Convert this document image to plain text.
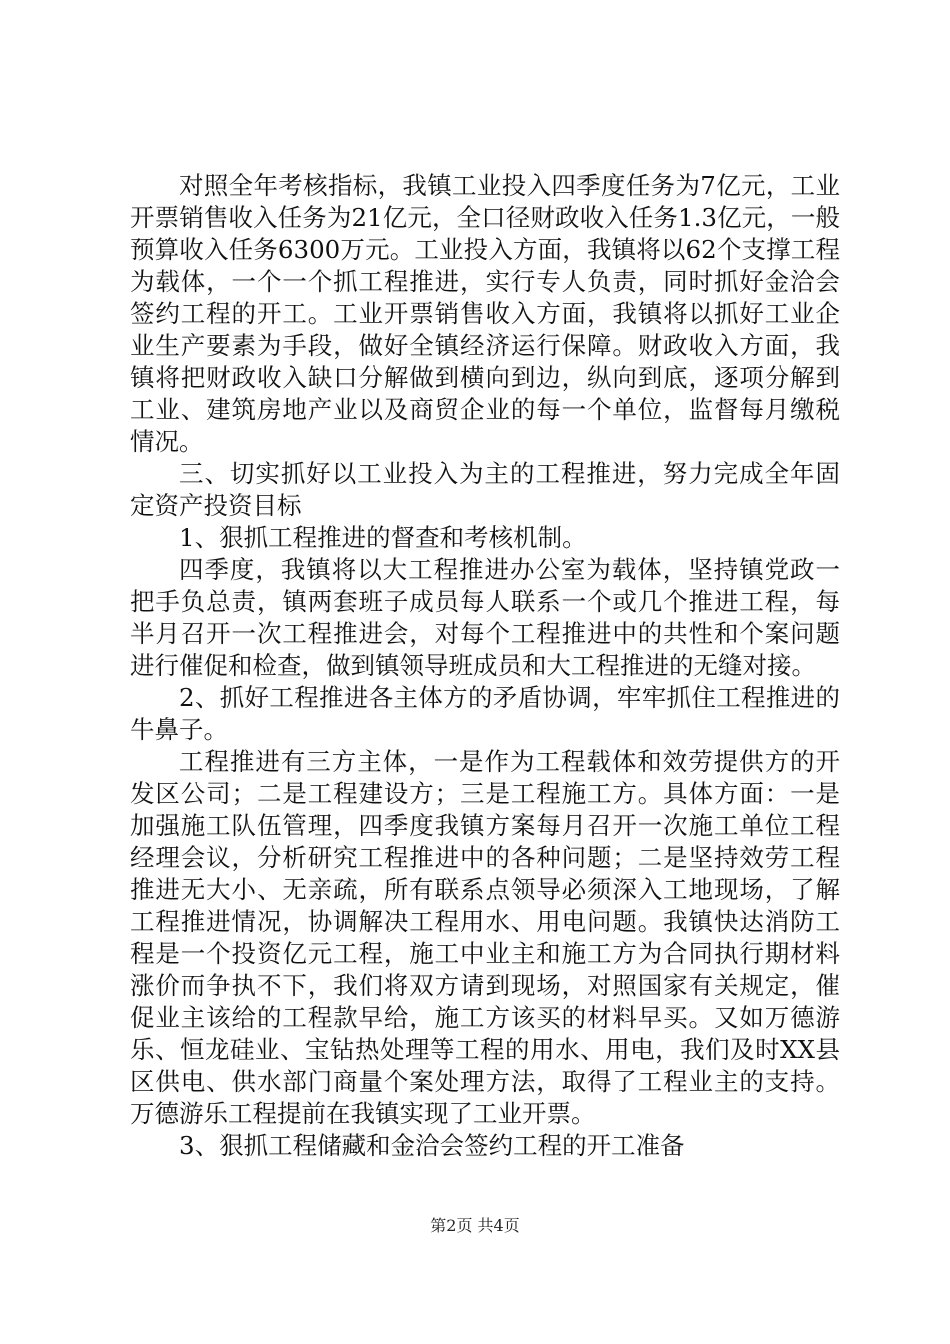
对照全年考核指标，我镇工业投入四季度任务为7亿元，工业开票销售收入任务为21亿元，全口径财政收入任务1.3亿元，一般预算收入任务6300万元。工业投入方面，我镇将以62个支撑工程为载体，一个一个抓工程推进，实行专人负责，同时抓好金洽会签约工程的开工。工业开票销售收入方面，我镇将以抓好工业企业生产要素为手段，做好全镇经济运行保障。财政收入方面，我镇将把财政收入缺口分解做到横向到边，纵向到底，逐项分解到工业、建筑房地产业以及商贸企业的每一个单位，监督每月缴税情况。

三、切实抓好以工业投入为主的工程推进，努力完成全年固定资产投资目标

1、狠抓工程推进的督查和考核机制。

四季度，我镇将以大工程推进办公室为载体，坚持镇党政一把手负总责，镇两套班子成员每人联系一个或几个推进工程，每半月召开一次工程推进会，对每个工程推进中的共性和个案问题进行催促和检查，做到镇领导班成员和大工程推进的无缝对接。

2、抓好工程推进各主体方的矛盾协调，牢牢抓住工程推进的牛鼻子。

工程推进有三方主体，一是作为工程载体和效劳提供方的开发区公司；二是工程建设方；三是工程施工方。具体方面：一是加强施工队伍管理，四季度我镇方案每月召开一次施工单位工程经理会议，分析研究工程推进中的各种问题；二是坚持效劳工程推进无大小、无亲疏，所有联系点领导必须深入工地现场，了解工程推进情况，协调解决工程用水、用电问题。我镇快达消防工程是一个投资亿元工程，施工中业主和施工方为合同执行期材料涨价而争执不下，我们将双方请到现场，对照国家有关规定，催促业主该给的工程款早给，施工方该买的材料早买。又如万德游乐、恒龙硅业、宝钻热处理等工程的用水、用电，我们及时XX县区供电、供水部门商量个案处理方法，取得了工程业主的支持。万德游乐工程提前在我镇实现了工业开票。

3、狠抓工程储藏和金洽会签约工程的开工准备

第2页 共4页
